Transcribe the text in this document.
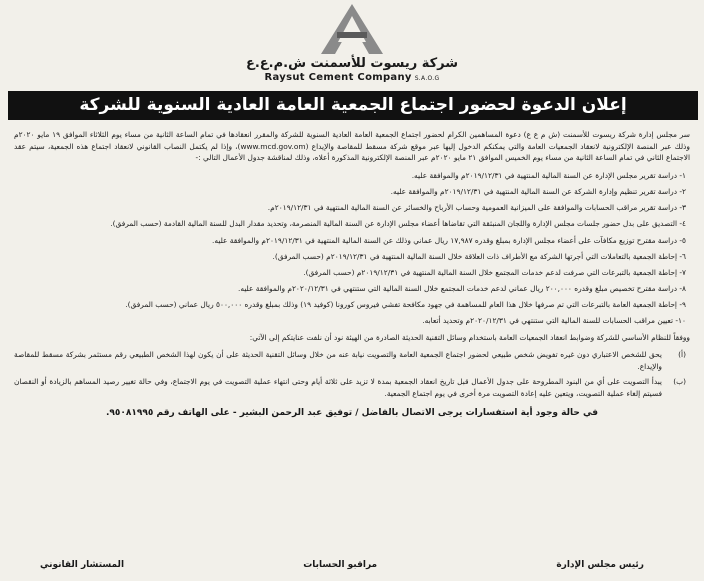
شركة ريسوت للأسمنت ش.م.ع.ع
Raysut Cement Company S.A.O.G
إعلان الدعوة لحضور اجتماع الجمعية العامة العادية السنوية للشركة

سر مجلس إدارة شركة ريسوت للأسمنت (ش م ع ع) دعوة المساهمين الكرام لحضور اجتماع الجمعية العامة العادية السنوية للشركة والمقرر انعقادها في تمام الساعة الثانية من مساء يوم الثلاثاء الموافق ١٩ مايو ٢٠٢٠م وذلك عبر المنصة الإلكترونية لانعقاد الجمعيات العامة والتي يمكنكم الدخول إليها عبر موقع شركة مسقط للمقاصة والإيداع (www.mcd.gov.om)، وإذا لم يكتمل النصاب القانوني لانعقاد اجتماع هذه الجمعية، سيتم عقد الاجتماع الثاني في تمام الساعة الثانية من مساء يوم الخميس الموافق ٢١ مايو ٢٠٢٠م عبر المنصة الإلكترونية المذكورة أعلاه، وذلك لمناقشة جدول الأعمال التالي :-

١- دراسة تقرير مجلس الإدارة عن السنة المالية المنتهية في ٢٠١٩/١٢/٣١م والموافقة عليه.
٢- دراسة تقرير تنظيم وإدارة الشركة عن السنة المالية المنتهية في ٢٠١٩/١٢/٣١م والموافقة عليه.
٣- دراسة تقرير مراقب الحسابات والموافقة على الميزانية العمومية وحساب الأرباح والخسائر عن السنة المالية المنتهية في ٢٠١٩/١٢/٣١م.
٤- التصديق على بدل حضور جلسات مجلس الإدارة واللجان المنبثقة التي تقاضاها أعضاء مجلس الإدارة عن السنة المالية المنصرمة، وتحديد مقدار البدل للسنة المالية القادمة (حسب المرفق).
٥- دراسة مقترح توزيع مكافآت على أعضاء مجلس الإدارة بمبلغ وقدره ١٧,٩٨٧ ريال عماني وذلك عن السنة المالية المنتهية في ٢٠١٩/١٢/٣١م والموافقة عليه.
٦- إحاطة الجمعية بالتعاملات التي أجرتها الشركة مع الأطراف ذات العلاقة خلال السنة المالية المنتهية في ٢٠١٩/١٢/٣١م (حسب المرفق).
٧- إحاطة الجمعية بالتبرعات التي صرفت لدعم خدمات المجتمع خلال السنة المالية المنتهية في ٢٠١٩/١٢/٣١م (حسب المرفق).
٨- دراسة مقترح تخصيص مبلغ وقدره ٢٠٠,٠٠٠ ريال عماني لدعم خدمات المجتمع خلال السنة المالية التي ستنتهي في ٢٠٢٠/١٢/٣١م والموافقة عليه.
٩- إحاطة الجمعية العامة بالتبرعات التي تم صرفها خلال هذا العام للمساهمة في جهود مكافحة تفشي فيروس كورونا (كوفيد ١٩) وذلك بمبلغ وقدره ٥٠٠,٠٠٠ ريال عماني (حسب المرفق).
١٠- تعيين مراقب الحسابات للسنة المالية التي ستنتهي في ٢٠٢٠/١٢/٣١م وتحديد أتعابه.

ووفقاً للنظام الأساسي للشركة وضوابط انعقاد الجمعيات العامة باستخدام وسائل التقنية الحديثة الصادرة من الهيئة نود أن نلفت عنايتكم إلى الآتي:

(أ)
يحق للشخص الاعتباري دون غيره تفويض شخص طبيعي لحضور اجتماع الجمعية العامة والتصويت نيابة عنه من خلال وسائل التقنية الحديثة على أن يكون لهذا الشخص الطبيعي رقم مستثمر بشركة مسقط للمقاصة والإيداع.
(ب)
يبدأ التصويت على أي من البنود المطروحة على جدول الأعمال قبل تاريخ انعقاد الجمعية بمدة لا تزيد على ثلاثة أيام وحتى انتهاء عملية التصويت في يوم الاجتماع، وفي حالة تغيير رصيد المساهم بالزيادة أو النقصان فسيتم إلغاء عملية التصويت، ويتعين عليه إعادة التصويت مرة أخرى في يوم اجتماع الجمعية.
في حالة وجود أية استفسارات يرجى الاتصال بالفاضل / توفيق عبد الرحمن البشير - على الهاتف رقم ٩٥٠٨١٩٩٥.
رئيس مجلس الإدارة
مراقبو الحسابات
المستشار القانوني
